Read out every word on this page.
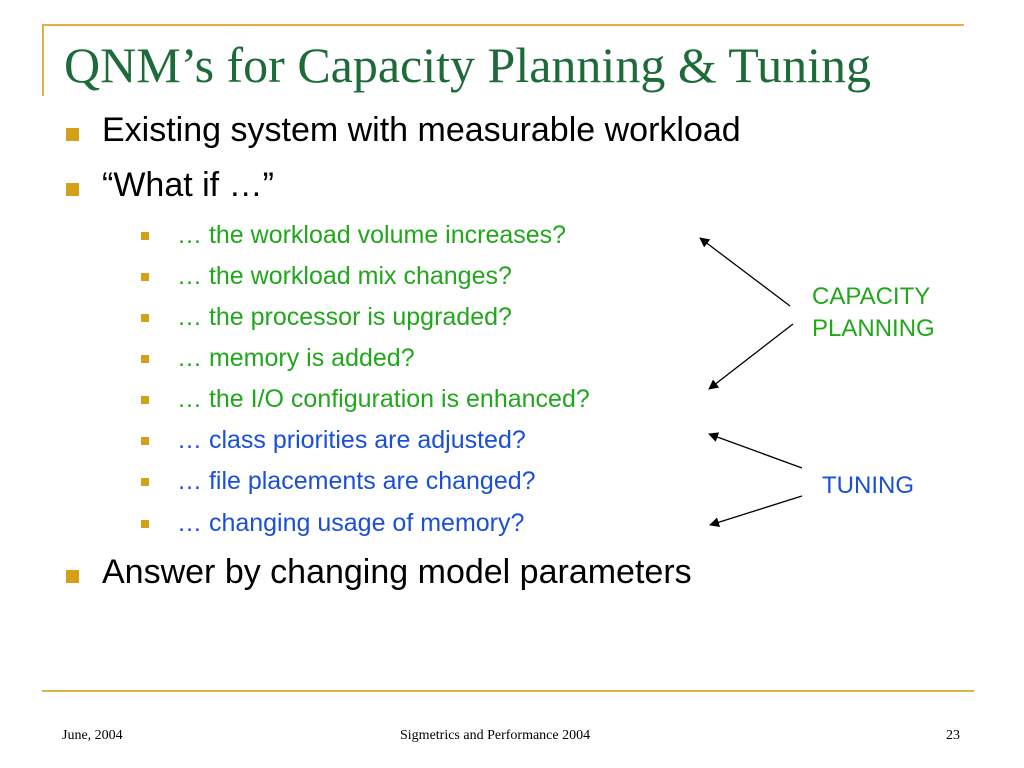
QNM’s for Capacity Planning & Tuning
Existing system with measurable workload
“What if …”
… the workload volume increases?
… the workload mix changes?
… the processor is upgraded?
… memory is added?
… the I/O configuration is enhanced?
… class priorities are adjusted?
… file placements are changed?
… changing usage of memory?
Answer by changing model parameters
CAPACITY
PLANNING
TUNING
June, 2004	Sigmetrics and Performance 2004	23
